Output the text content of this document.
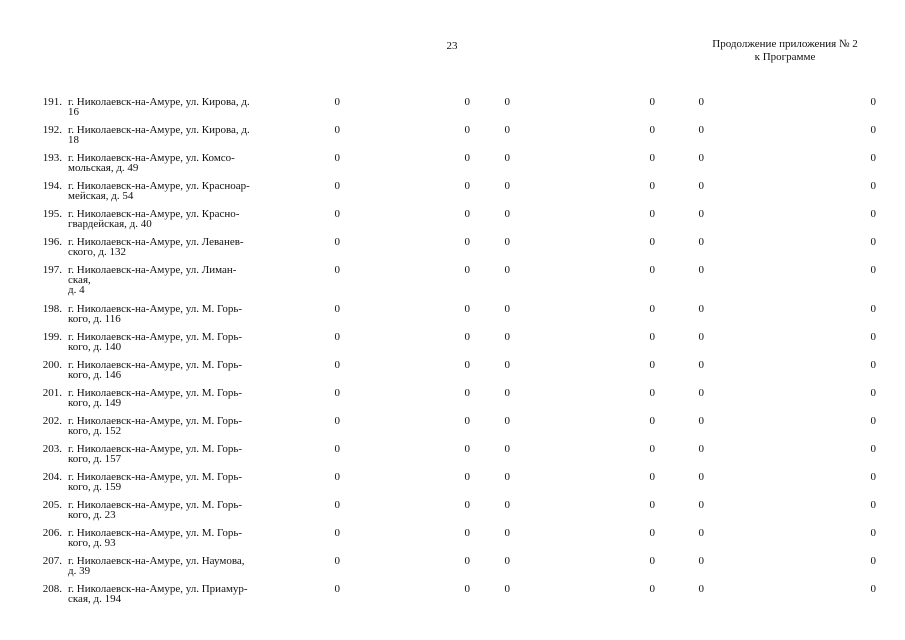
23	Продолжение приложения № 2
к Программе
191. г. Николаевск-на-Амуре, ул. Кирова, д.
16
0	0	0	0	0	0
192. г. Николаевск-на-Амуре, ул. Кирова, д.
18
0	0	0	0	0	0
193. г. Николаевск-на-Амуре, ул. Комсо-
мольская, д. 49
0	0	0	0	0	0
194. г. Николаевск-на-Амуре, ул. Красноар-
мейская, д. 54
0	0	0	0	0	0
195. г. Николаевск-на-Амуре, ул. Красно-
гвардейская, д. 40
0	0	0	0	0	0
196. г. Николаевск-на-Амуре, ул. Леванев-
ского, д. 132
0	0	0	0	0	0
197. г. Николаевск-на-Амуре, ул. Лиман-
ская,
д. 4
0	0	0	0	0	0
198. г. Николаевск-на-Амуре, ул. М. Горь-
кого, д. 116
0	0	0	0	0	0
199. г. Николаевск-на-Амуре, ул. М. Горь-
кого, д. 140
0	0	0	0	0	0
200. г. Николаевск-на-Амуре, ул. М. Горь-
кого, д. 146
0	0	0	0	0	0
201. г. Николаевск-на-Амуре, ул. М. Горь-
кого, д. 149
0	0	0	0	0	0
202. г. Николаевск-на-Амуре, ул. М. Горь-
кого, д. 152
0	0	0	0	0	0
203. г. Николаевск-на-Амуре, ул. М. Горь-
кого, д. 157
0	0	0	0	0	0
204. г. Николаевск-на-Амуре, ул. М. Горь-
кого, д. 159
0	0	0	0	0	0
205. г. Николаевск-на-Амуре, ул. М. Горь-
кого, д. 23
0	0	0	0	0	0
206. г. Николаевск-на-Амуре, ул. М. Горь-
кого, д. 93
0	0	0	0	0	0
207. г. Николаевск-на-Амуре, ул. Наумова,
д. 39
0	0	0	0	0	0
208. г. Николаевск-на-Амуре, ул. Приамур-
ская, д. 194
0	0	0	0	0	0
